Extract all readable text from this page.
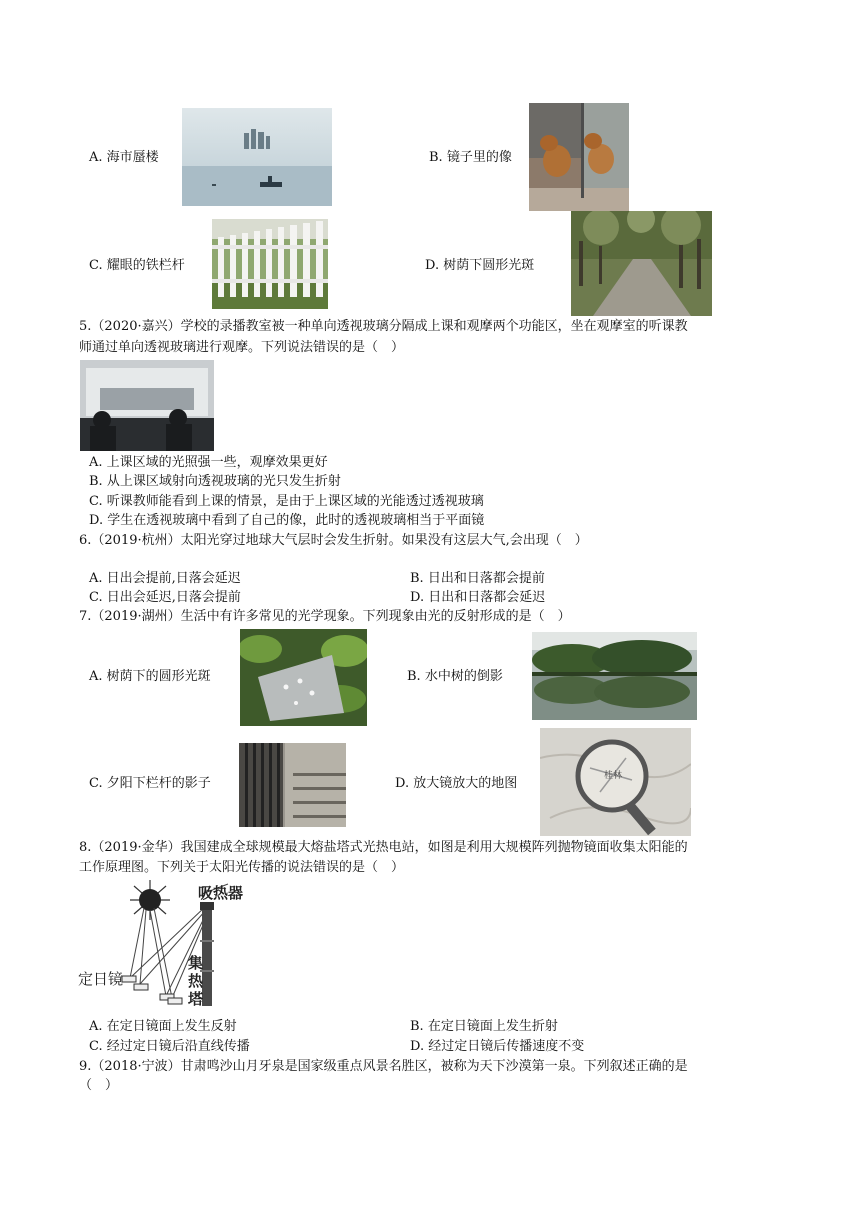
A. 海市蜃楼	B. 镜子里的像
C. 耀眼的铁栏杆	D. 树荫下圆形光斑
5.（2020·嘉兴）学校的录播教室被一种单向透视玻璃分隔成上课和观摩两个功能区，坐在观摩室的听课教
师通过单向透视玻璃进行观摩。下列说法错误的是（　）
A. 上课区域的光照强一些，观摩效果更好
B. 从上课区域射向透视玻璃的光只发生折射
C. 听课教师能看到上课的情景，是由于上课区域的光能透过透视玻璃
D. 学生在透视玻璃中看到了自己的像，此时的透视玻璃相当于平面镜
6.（2019·杭州）太阳光穿过地球大气层时会发生折射。如果没有这层大气,会出现（　）
A. 日出会提前,日落会延迟	B. 日出和日落都会提前
C. 日出会延迟,日落会提前	D. 日出和日落都会延迟
7.（2019·湖州）生活中有许多常见的光学现象。下列现象由光的反射形成的是（　）
A. 树荫下的圆形光斑	B. 水中树的倒影
C. 夕阳下栏杆的影子	D. 放大镜放大的地图	桂林
8.（2019·金华）我国建成全球规模最大熔盐塔式光热电站，如图是利用大规模阵列抛物镜面收集太阳能的
工作原理图。下列关于太阳光传播的说法错误的是（　）
吸热器
定日镜
集
热
塔
A. 在定日镜面上发生反射	B. 在定日镜面上发生折射
C. 经过定日镜后沿直线传播	D. 经过定日镜后传播速度不变
9.（2018·宁波）甘肃鸣沙山月牙泉是国家级重点风景名胜区，被称为天下沙漠第一泉。下列叙述正确的是
（　）
